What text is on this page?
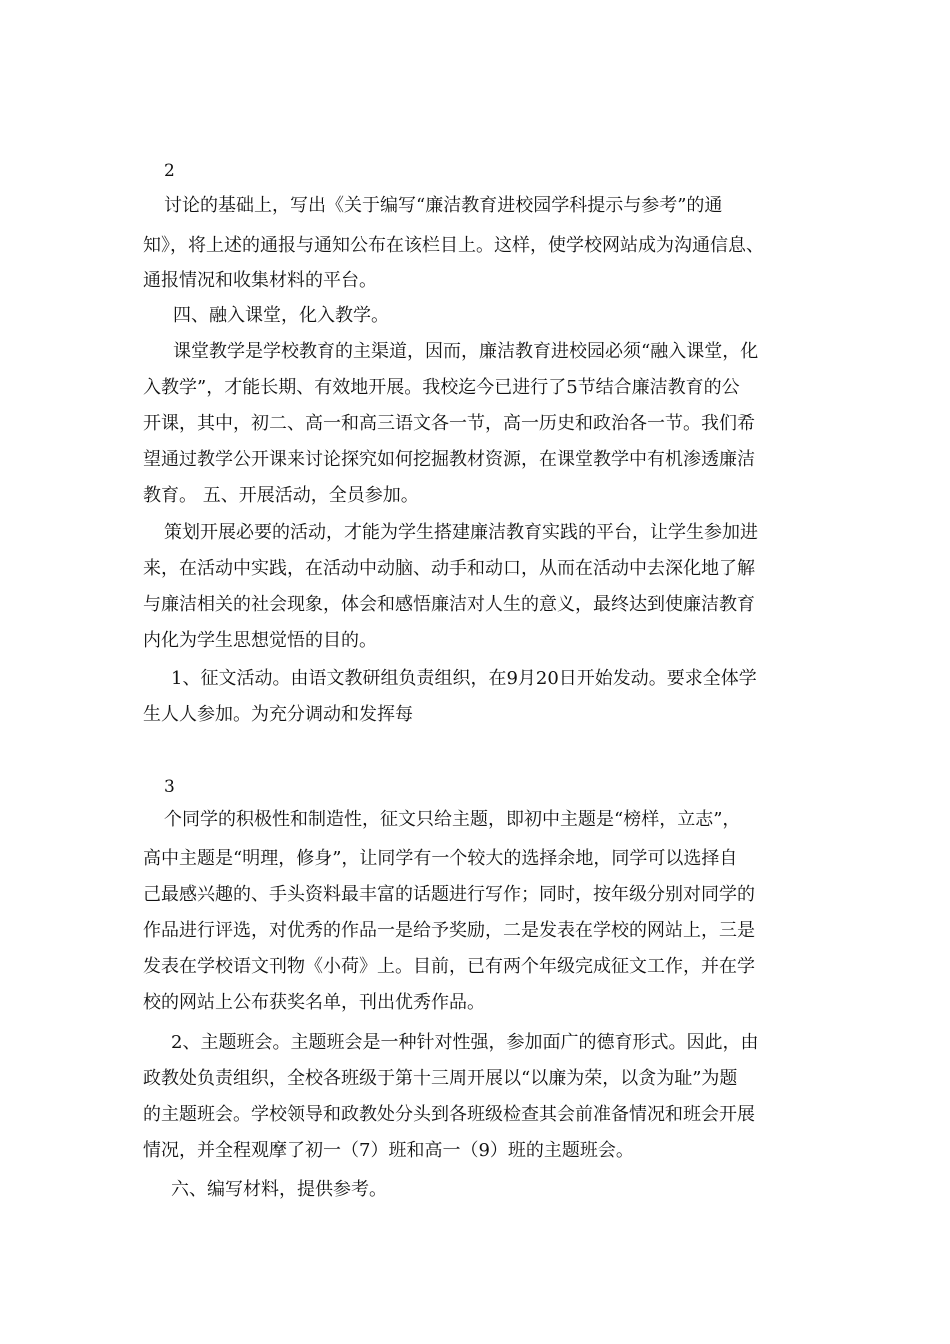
2
讨论的基础上，写出《关于编写“廉洁教育进校园学科提示与参考”的通
知》，将上述的通报与通知公布在该栏目上。这样，使学校网站成为沟通信息、
通报情况和收集材料的平台。
四、融入课堂，化入教学。
课堂教学是学校教育的主渠道，因而，廉洁教育进校园必须“融入课堂，化
入教学”，才能长期、有效地开展。我校迄今已进行了5节结合廉洁教育的公
开课，其中，初二、高一和高三语文各一节，高一历史和政治各一节。我们希
望通过教学公开课来讨论探究如何挖掘教材资源，在课堂教学中有机渗透廉洁
教育。 五、开展活动，全员参加。
策划开展必要的活动，才能为学生搭建廉洁教育实践的平台，让学生参加进
来，在活动中实践，在活动中动脑、动手和动口，从而在活动中去深化地了解
与廉洁相关的社会现象，体会和感悟廉洁对人生的意义，最终达到使廉洁教育
内化为学生思想觉悟的目的。
1、征文活动。由语文教研组负责组织，在9月20日开始发动。要求全体学
生人人参加。为充分调动和发挥每
3
个同学的积极性和制造性，征文只给主题，即初中主题是“榜样，立志”，
高中主题是“明理，修身”，让同学有一个较大的选择余地，同学可以选择自
己最感兴趣的、手头资料最丰富的话题进行写作；同时，按年级分别对同学的
作品进行评选，对优秀的作品一是给予奖励，二是发表在学校的网站上，三是
发表在学校语文刊物《小荷》上。目前，已有两个年级完成征文工作，并在学
校的网站上公布获奖名单，刊出优秀作品。
2、主题班会。主题班会是一种针对性强，参加面广的德育形式。因此，由
政教处负责组织，全校各班级于第十三周开展以“以廉为荣，以贪为耻”为题
的主题班会。学校领导和政教处分头到各班级检查其会前准备情况和班会开展
情况，并全程观摩了初一（7）班和高一（9）班的主题班会。
六、编写材料，提供参考。
